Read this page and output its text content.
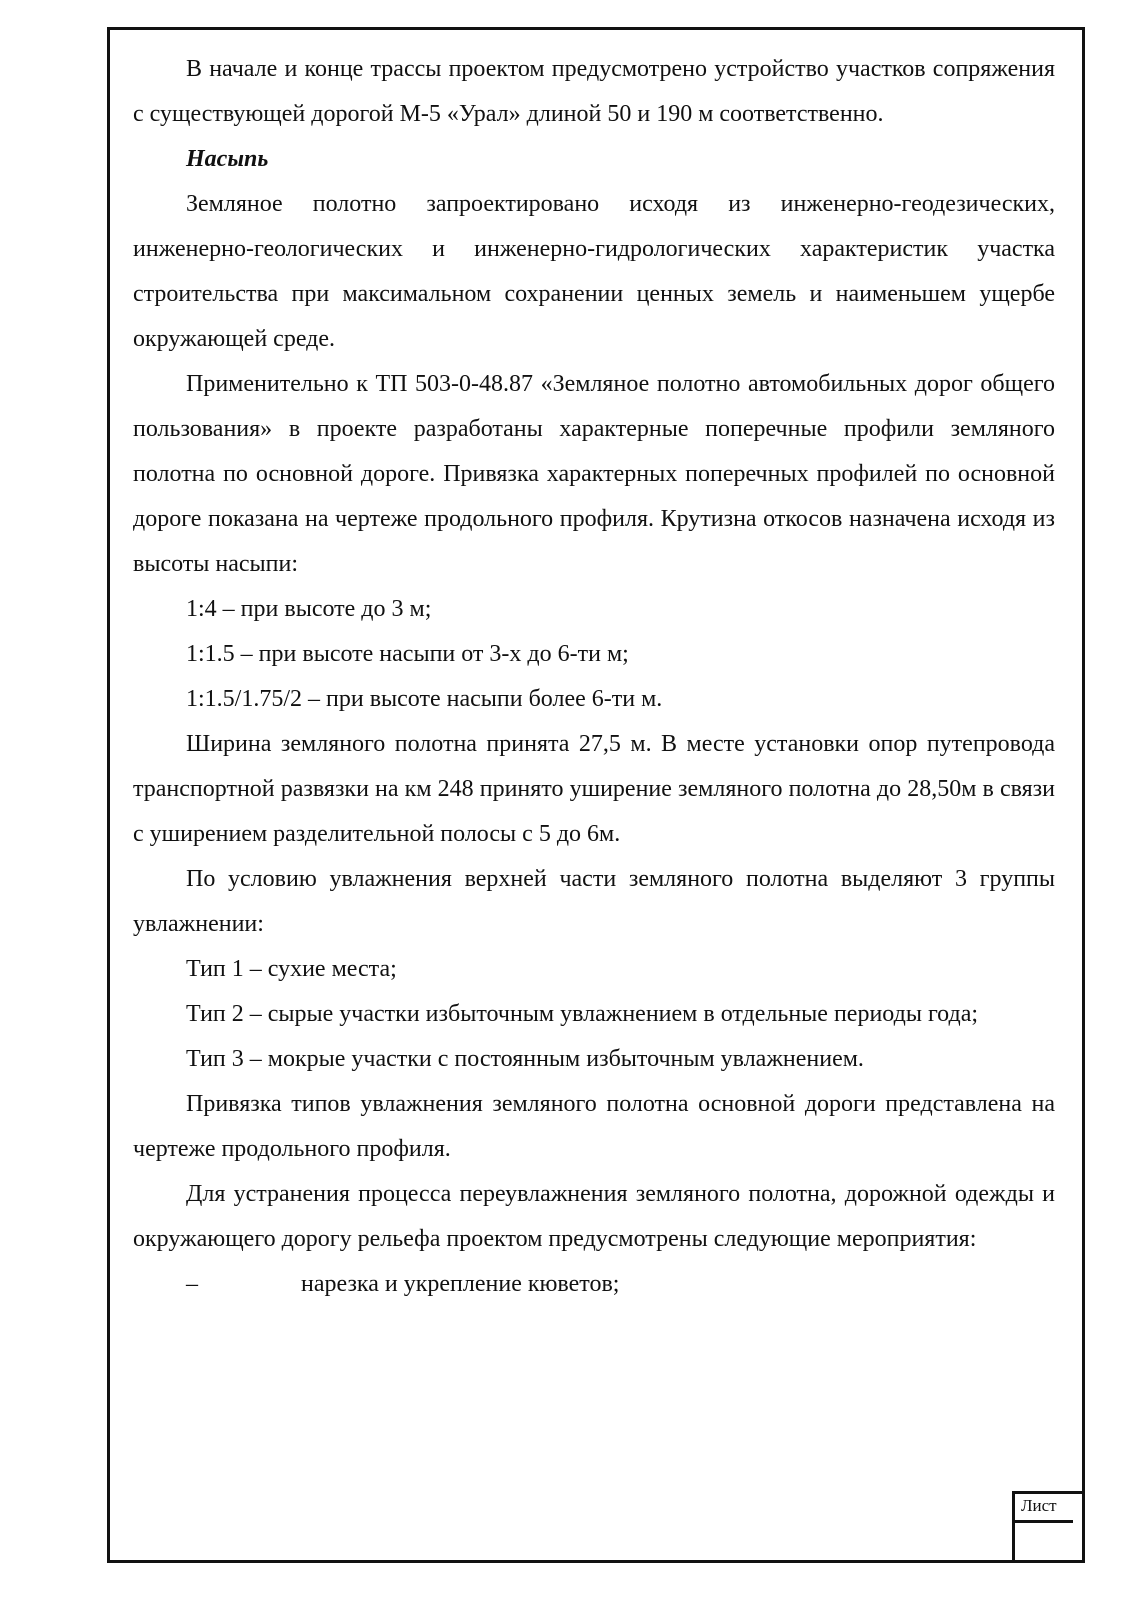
В начале и конце трассы проектом предусмотрено устройство участков сопряжения с существующей дорогой М-5 «Урал» длиной 50 и 190 м соответственно.

Насыпь

Земляное полотно запроектировано исходя из инженерно-геодезических, инженерно-геологических и инженерно-гидрологических характеристик участка строительства при максимальном сохранении ценных земель и наименьшем ущербе окружающей среде.

Применительно к ТП 503-0-48.87 «Земляное полотно автомобильных дорог общего пользования» в проекте разработаны характерные поперечные профили земляного полотна по основной дороге. Привязка характерных поперечных профилей по основной дороге показана на чертеже продольного профиля. Крутизна откосов назначена исходя из высоты насыпи:

1:4 – при высоте до 3 м;

1:1.5 – при высоте насыпи от 3-х до 6-ти м;

1:1.5/1.75/2 – при высоте насыпи более 6-ти м.

Ширина земляного полотна принята 27,5 м. В месте установки опор путепровода транспортной развязки на км 248 принято уширение земляного полотна до 28,50м в связи с уширением разделительной полосы с 5 до 6м.

По условию увлажнения верхней части земляного полотна выделяют 3 группы увлажнении:

Тип 1 – сухие места;

Тип 2 – сырые участки избыточным увлажнением в отдельные периоды года;

Тип 3 – мокрые участки с постоянным избыточным увлажнением.

Привязка типов увлажнения земляного полотна основной дороги представлена на чертеже продольного профиля.

Для устранения процесса переувлажнения земляного полотна, дорожной одежды и окружающего дорогу рельефа проектом предусмотрены следующие мероприятия:

–	нарезка и укрепление кюветов;
Лист
